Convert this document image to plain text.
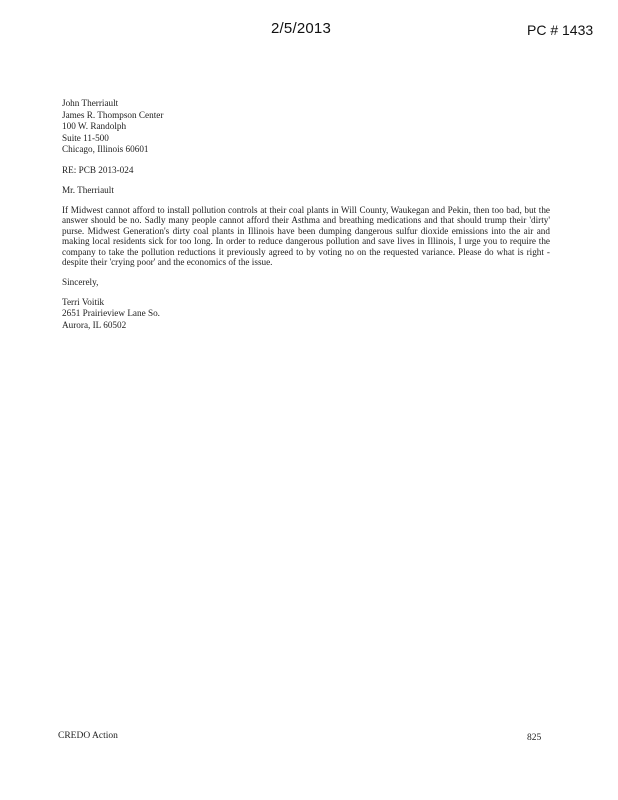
2/5/2013	PC # 1433
John Therriault
James R. Thompson Center
100 W. Randolph
Suite 11-500
Chicago, Illinois 60601
RE: PCB 2013-024
Mr. Therriault
If Midwest cannot afford to install pollution controls at their coal plants in Will County, Waukegan and Pekin, then too bad, but the answer should be no. Sadly many people cannot afford their Asthma and breathing medications and that should trump their 'dirty' purse. Midwest Generation's dirty coal plants in Illinois have been dumping dangerous sulfur dioxide emissions into the air and making local residents sick for too long. In order to reduce dangerous pollution and save lives in Illinois, I urge you to require the company to take the pollution reductions it previously agreed to by voting no on the requested variance. Please do what is right - despite their 'crying poor' and the economics of the issue.
Sincerely,
Terri Voitik
2651 Prairieview Lane So.
Aurora, IL 60502
CREDO Action	825
